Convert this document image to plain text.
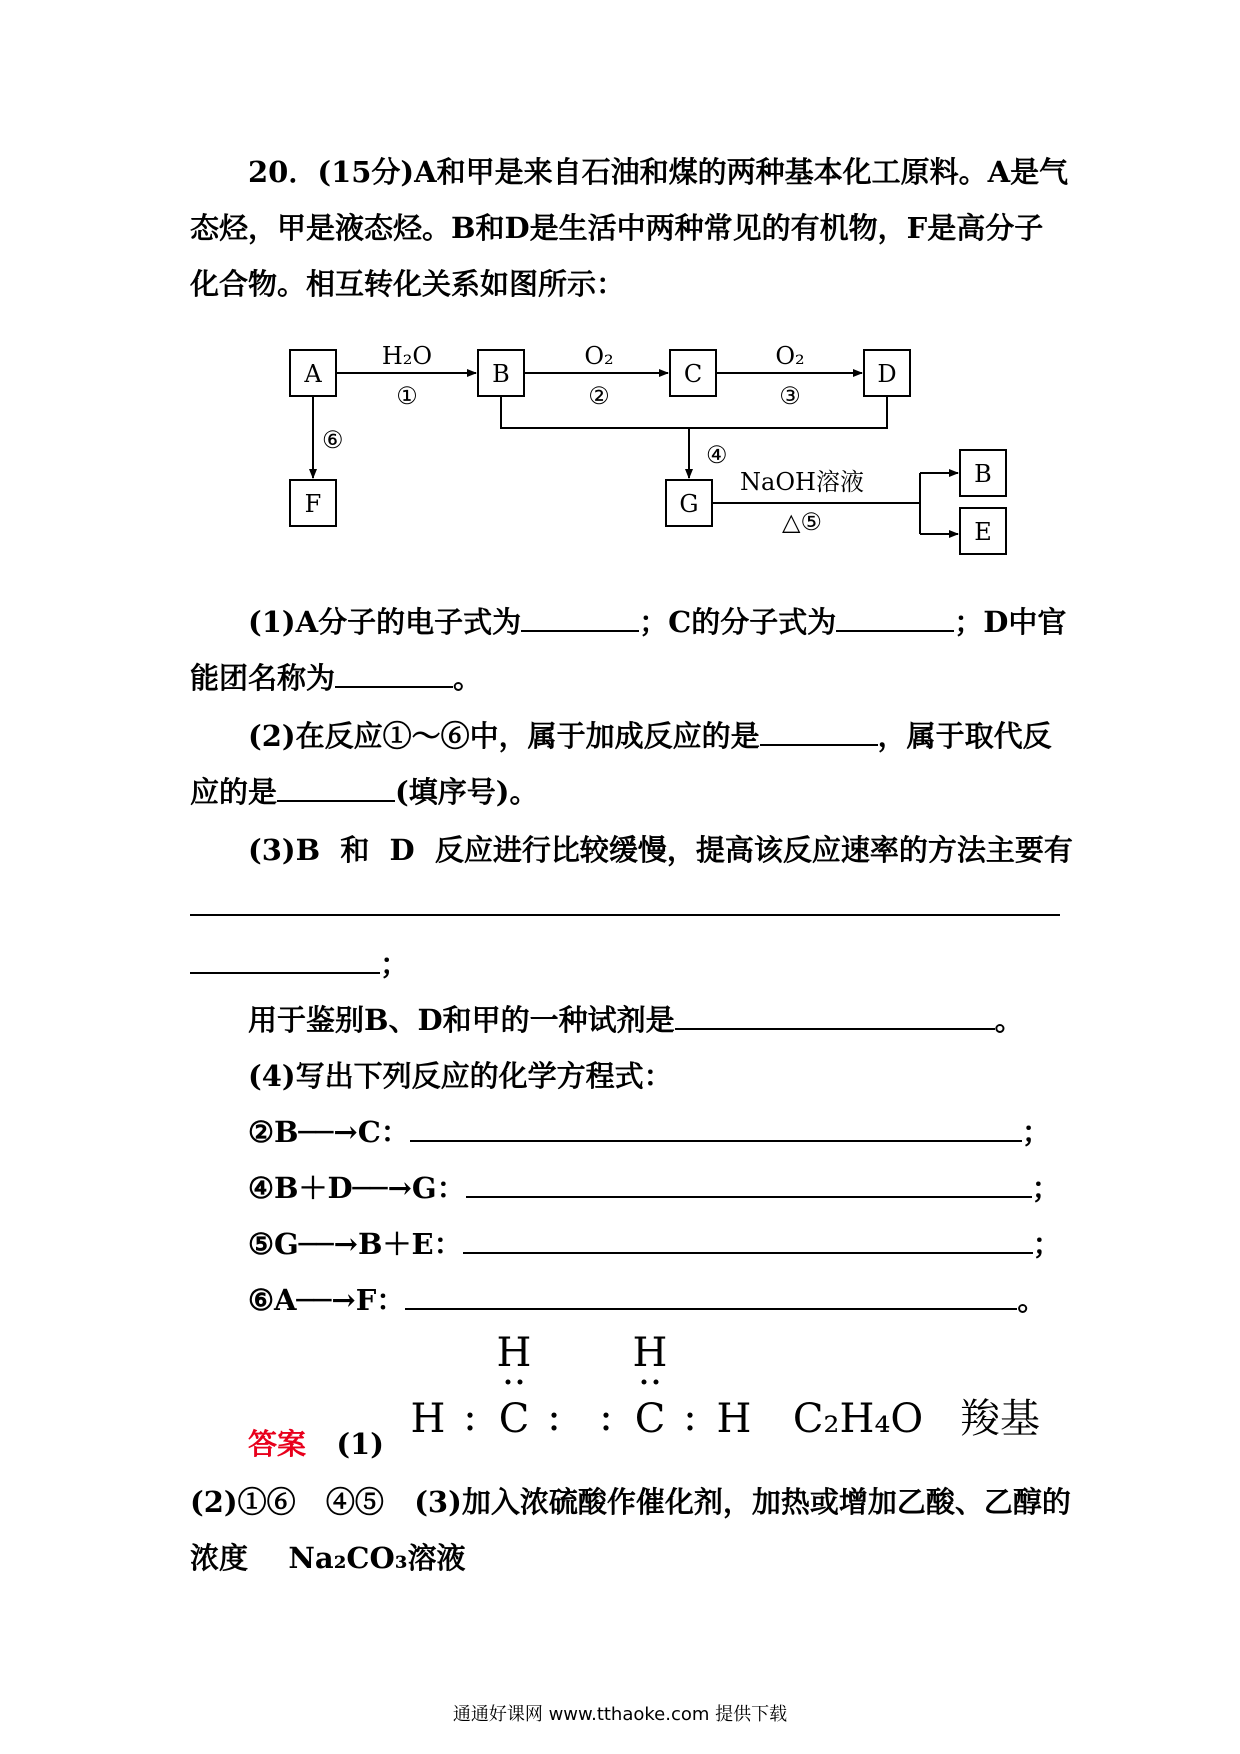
20．(15分)A和甲是来自石油和煤的两种基本化工原料。A是气
态烃，甲是液态烃。B和D是生活中两种常见的有机物，F是高分子
化合物。相互转化关系如图所示：
A	B	C	D
F	G
B
E
H₂O
①
O₂
②
O₂
③
④
NaOH溶液
△⑤
⑥
(1)A分子的电子式为	；C的分子式为	；D中官
能团名称为	。
(2)在反应①～⑥中，属于加成反应的是	，属于取代反
应的是	(填序号)。
(3)B  和  D  反应进行比较缓慢，提高该反应速率的方法主要有
；
用于鉴别B、D和甲的一种试剂是	。
(4)写出下列反应的化学方程式：
②B──→C：	；
④B＋D──→G：	；
⑤G──→B＋E：	；
⑥A──→F：	。
答案 (1)
H	H
H : C : : C : H C₂H₄O 羧基
(2)①⑥   ④⑤   (3)加入浓硫酸作催化剂，加热或增加乙酸、乙醇的
浓度 Na₂CO₃溶液
通通好课网 www.tthaoke.com 提供下载
